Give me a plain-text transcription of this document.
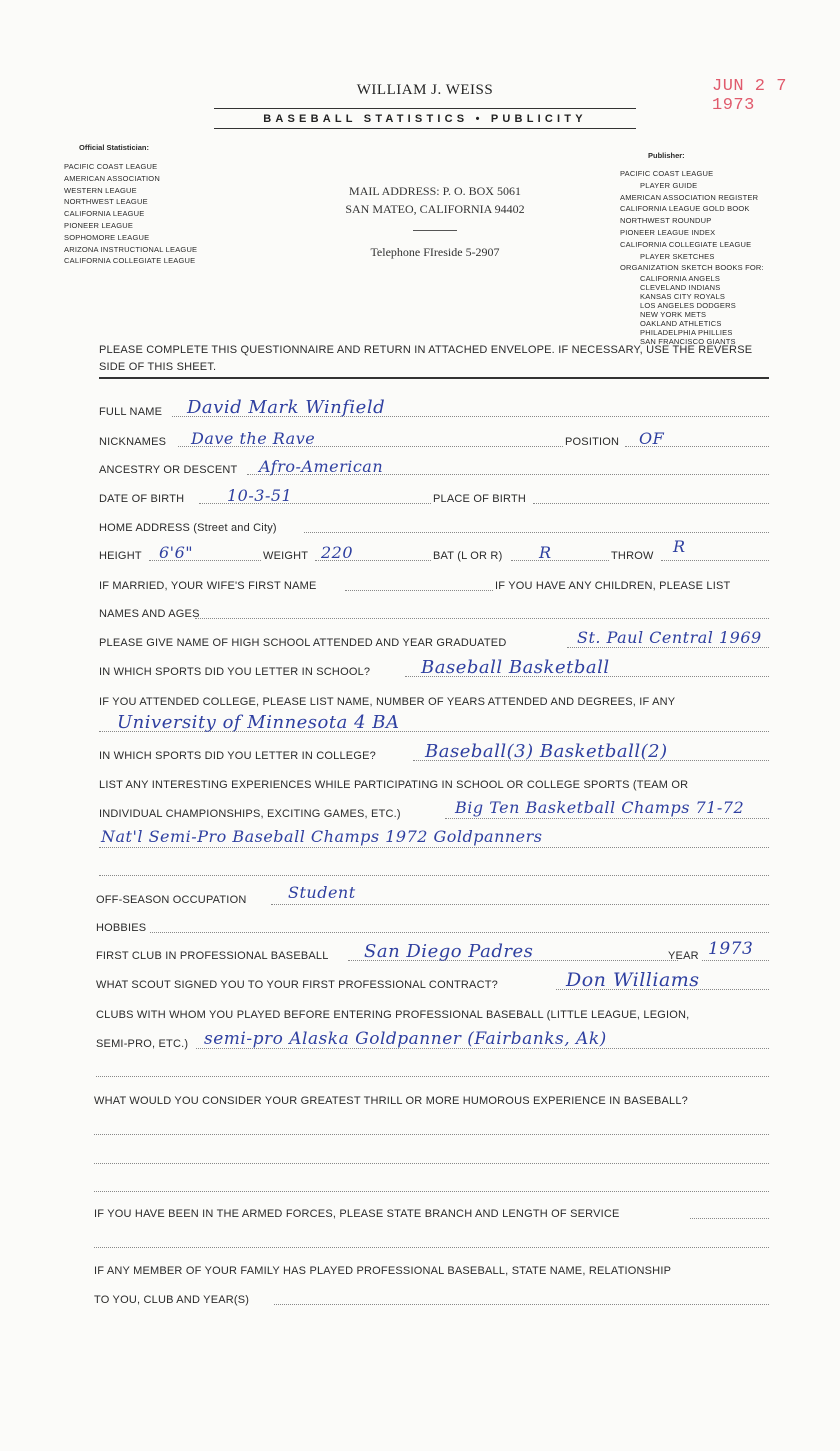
WILLIAM J. WEISS
BASEBALL STATISTICS • PUBLICITY
JUN 2 7 1973
Official Statistician:
PACIFIC COAST LEAGUE
AMERICAN ASSOCIATION
WESTERN LEAGUE
NORTHWEST LEAGUE
CALIFORNIA LEAGUE
PIONEER LEAGUE
SOPHOMORE LEAGUE
ARIZONA INSTRUCTIONAL LEAGUE
CALIFORNIA COLLEGIATE LEAGUE
MAIL ADDRESS: P. O. BOX 5061
SAN MATEO, CALIFORNIA 94402
Telephone FIreside 5-2907
Publisher:
PACIFIC COAST LEAGUE
PLAYER GUIDE
AMERICAN ASSOCIATION REGISTER
CALIFORNIA LEAGUE GOLD BOOK
NORTHWEST ROUNDUP
PIONEER LEAGUE INDEX
CALIFORNIA COLLEGIATE LEAGUE
PLAYER SKETCHES
ORGANIZATION SKETCH BOOKS FOR:
CALIFORNIA ANGELS
CLEVELAND INDIANS
KANSAS CITY ROYALS
LOS ANGELES DODGERS
NEW YORK METS
OAKLAND ATHLETICS
PHILADELPHIA PHILLIES
SAN FRANCISCO GIANTS
PLEASE COMPLETE THIS QUESTIONNAIRE AND RETURN IN ATTACHED ENVELOPE. IF NECESSARY, USE THE REVERSE SIDE OF THIS SHEET.
FULL NAME David Mark Winfield
NICKNAMES Dave the Rave	POSITION OF
ANCESTRY OR DESCENT Afro-American
DATE OF BIRTH	10-3-51	PLACE OF BIRTH
HOME ADDRESS (Street and City)
HEIGHT 6'6"	WEIGHT 220	BAT (L OR R) R	THROW R
IF MARRIED, YOUR WIFE'S FIRST NAME	IF YOU HAVE ANY CHILDREN, PLEASE LIST
NAMES AND AGES
PLEASE GIVE NAME OF HIGH SCHOOL ATTENDED AND YEAR GRADUATED	St. Paul Central 1969
IN WHICH SPORTS DID YOU LETTER IN SCHOOL?	Baseball Basketball
IF YOU ATTENDED COLLEGE, PLEASE LIST NAME, NUMBER OF YEARS ATTENDED AND DEGREES, IF ANY
University of Minnesota 4 BA
IN WHICH SPORTS DID YOU LETTER IN COLLEGE?	Baseball(3) Basketball(2)
LIST ANY INTERESTING EXPERIENCES WHILE PARTICIPATING IN SCHOOL OR COLLEGE SPORTS (TEAM OR
INDIVIDUAL CHAMPIONSHIPS, EXCITING GAMES, ETC.)	Big Ten Basketball Champs 71-72
Nat'l Semi-Pro Baseball Champs 1972 Goldpanners
OFF-SEASON OCCUPATION	Student
HOBBIES
FIRST CLUB IN PROFESSIONAL BASEBALL San Diego Padres	YEAR 1973
WHAT SCOUT SIGNED YOU TO YOUR FIRST PROFESSIONAL CONTRACT?	Don Williams
CLUBS WITH WHOM YOU PLAYED BEFORE ENTERING PROFESSIONAL BASEBALL (LITTLE LEAGUE, LEGION,
SEMI-PRO, ETC.) semi-pro Alaska Goldpanner (Fairbanks, Ak)
WHAT WOULD YOU CONSIDER YOUR GREATEST THRILL OR MORE HUMOROUS EXPERIENCE IN BASEBALL?
IF YOU HAVE BEEN IN THE ARMED FORCES, PLEASE STATE BRANCH AND LENGTH OF SERVICE
IF ANY MEMBER OF YOUR FAMILY HAS PLAYED PROFESSIONAL BASEBALL, STATE NAME, RELATIONSHIP
TO YOU, CLUB AND YEAR(S)
